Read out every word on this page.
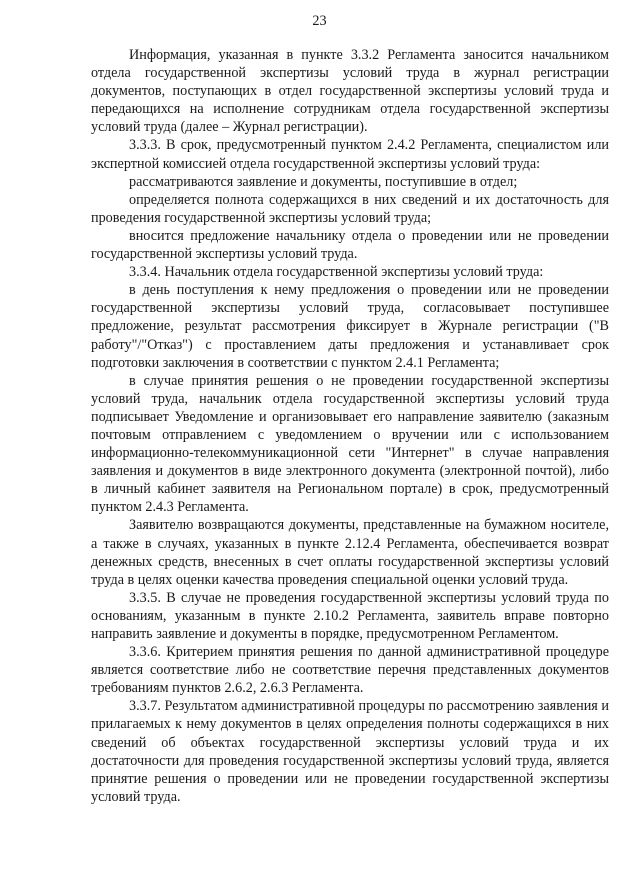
23

Информация, указанная в пункте 3.3.2 Регламента заносится начальником отдела государственной экспертизы условий труда в журнал регистрации документов, поступающих в отдел государственной экспертизы условий труда и передающихся на исполнение сотрудникам отдела государственной экспертизы условий труда (далее – Журнал регистрации).

3.3.3. В срок, предусмотренный пунктом 2.4.2 Регламента, специалистом или экспертной комиссией отдела государственной экспертизы условий труда:

рассматриваются заявление и документы, поступившие в отдел;

определяется полнота содержащихся в них сведений и их достаточность для проведения государственной экспертизы условий труда;

вносится предложение начальнику отдела о проведении или не проведении государственной экспертизы условий труда.

3.3.4. Начальник отдела государственной экспертизы условий труда:

в день поступления к нему предложения о проведении или не проведении государственной экспертизы условий труда, согласовывает поступившее предложение, результат рассмотрения фиксирует в Журнале регистрации ("В работу"/"Отказ") с проставлением даты предложения и устанавливает срок подготовки заключения в соответствии с пунктом 2.4.1 Регламента;

в случае принятия решения о не проведении государственной экспертизы условий труда, начальник отдела государственной экспертизы условий труда подписывает Уведомление и организовывает его направление заявителю (заказным почтовым отправлением с уведомлением о вручении или с использованием информационно-телекоммуникационной сети "Интернет" в случае направления заявления и документов в виде электронного документа (электронной почтой), либо в личный кабинет заявителя на Региональном портале) в срок, предусмотренный пунктом 2.4.3 Регламента.

Заявителю возвращаются документы, представленные на бумажном носителе, а также в случаях, указанных в пункте 2.12.4 Регламента, обеспечивается возврат денежных средств, внесенных в счет оплаты государственной экспертизы условий труда в целях оценки качества проведения специальной оценки условий труда.

3.3.5. В случае не проведения государственной экспертизы условий труда по основаниям, указанным в пункте 2.10.2 Регламента, заявитель вправе повторно направить заявление и документы в порядке, предусмотренном Регламентом.

3.3.6. Критерием принятия решения по данной административной процедуре является соответствие либо не соответствие перечня представленных документов требованиям пунктов 2.6.2, 2.6.3 Регламента.

3.3.7. Результатом административной процедуры по рассмотрению заявления и прилагаемых к нему документов в целях определения полноты содержащихся в них сведений об объектах государственной экспертизы условий труда и их достаточности для проведения государственной экспертизы условий труда, является принятие решения о проведении или не проведении государственной экспертизы условий труда.
